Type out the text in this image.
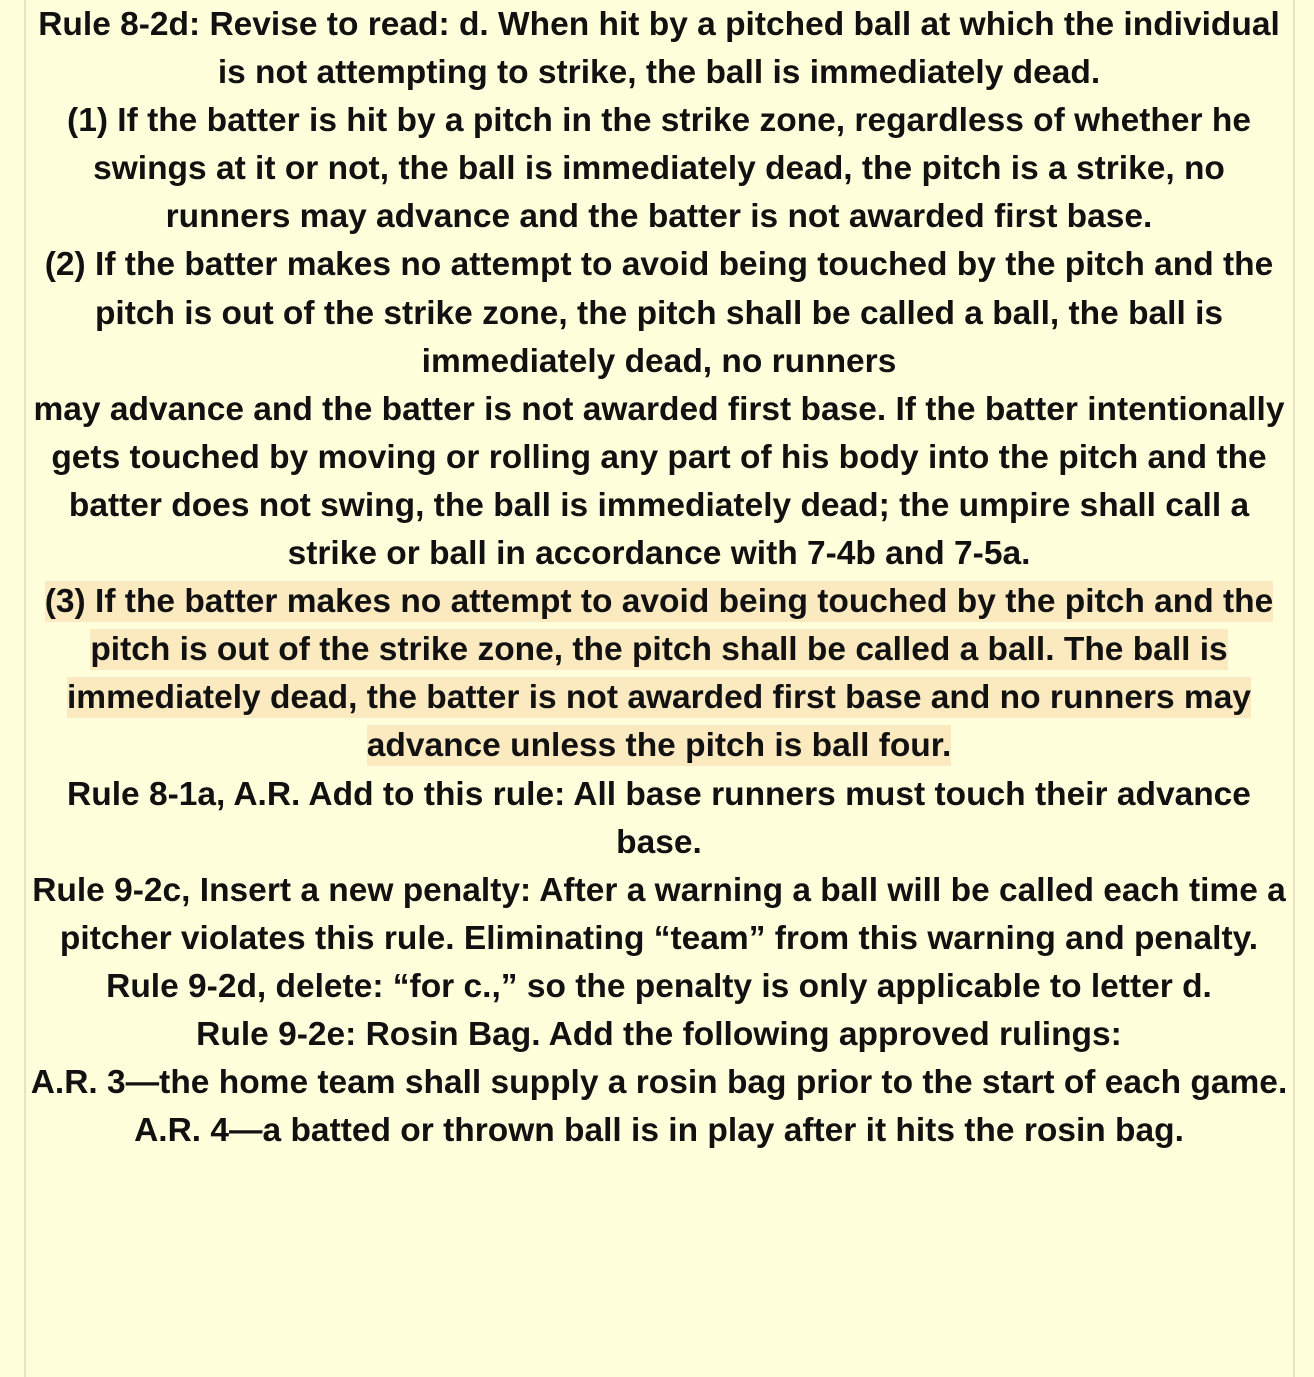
Rule 8-2d: Revise to read: d. When hit by a pitched ball at which the individual is not attempting to strike, the ball is immediately dead.

(1) If the batter is hit by a pitch in the strike zone, regardless of whether he swings at it or not, the ball is immediately dead, the pitch is a strike, no runners may advance and the batter is not awarded first base.

(2) If the batter makes no attempt to avoid being touched by the pitch and the pitch is out of the strike zone, the pitch shall be called a ball, the ball is immediately dead, no runners

may advance and the batter is not awarded first base. If the batter intentionally gets touched by moving or rolling any part of his body into the pitch and the batter does not swing, the ball is immediately dead; the umpire shall call a strike or ball in accordance with 7-4b and 7-5a.

(3) If the batter makes no attempt to avoid being touched by the pitch and the pitch is out of the strike zone, the pitch shall be called a ball. The ball is immediately dead, the batter is not awarded first base and no runners may advance unless the pitch is ball four.

Rule 8-1a, A.R. Add to this rule: All base runners must touch their advance base.

Rule 9-2c, Insert a new penalty: After a warning a ball will be called each time a pitcher violates this rule. Eliminating “team” from this warning and penalty.

Rule 9-2d, delete: “for c.,” so the penalty is only applicable to letter d.

Rule 9-2e: Rosin Bag. Add the following approved rulings:

A.R. 3—the home team shall supply a rosin bag prior to the start of each game.

A.R. 4—a batted or thrown ball is in play after it hits the rosin bag.
